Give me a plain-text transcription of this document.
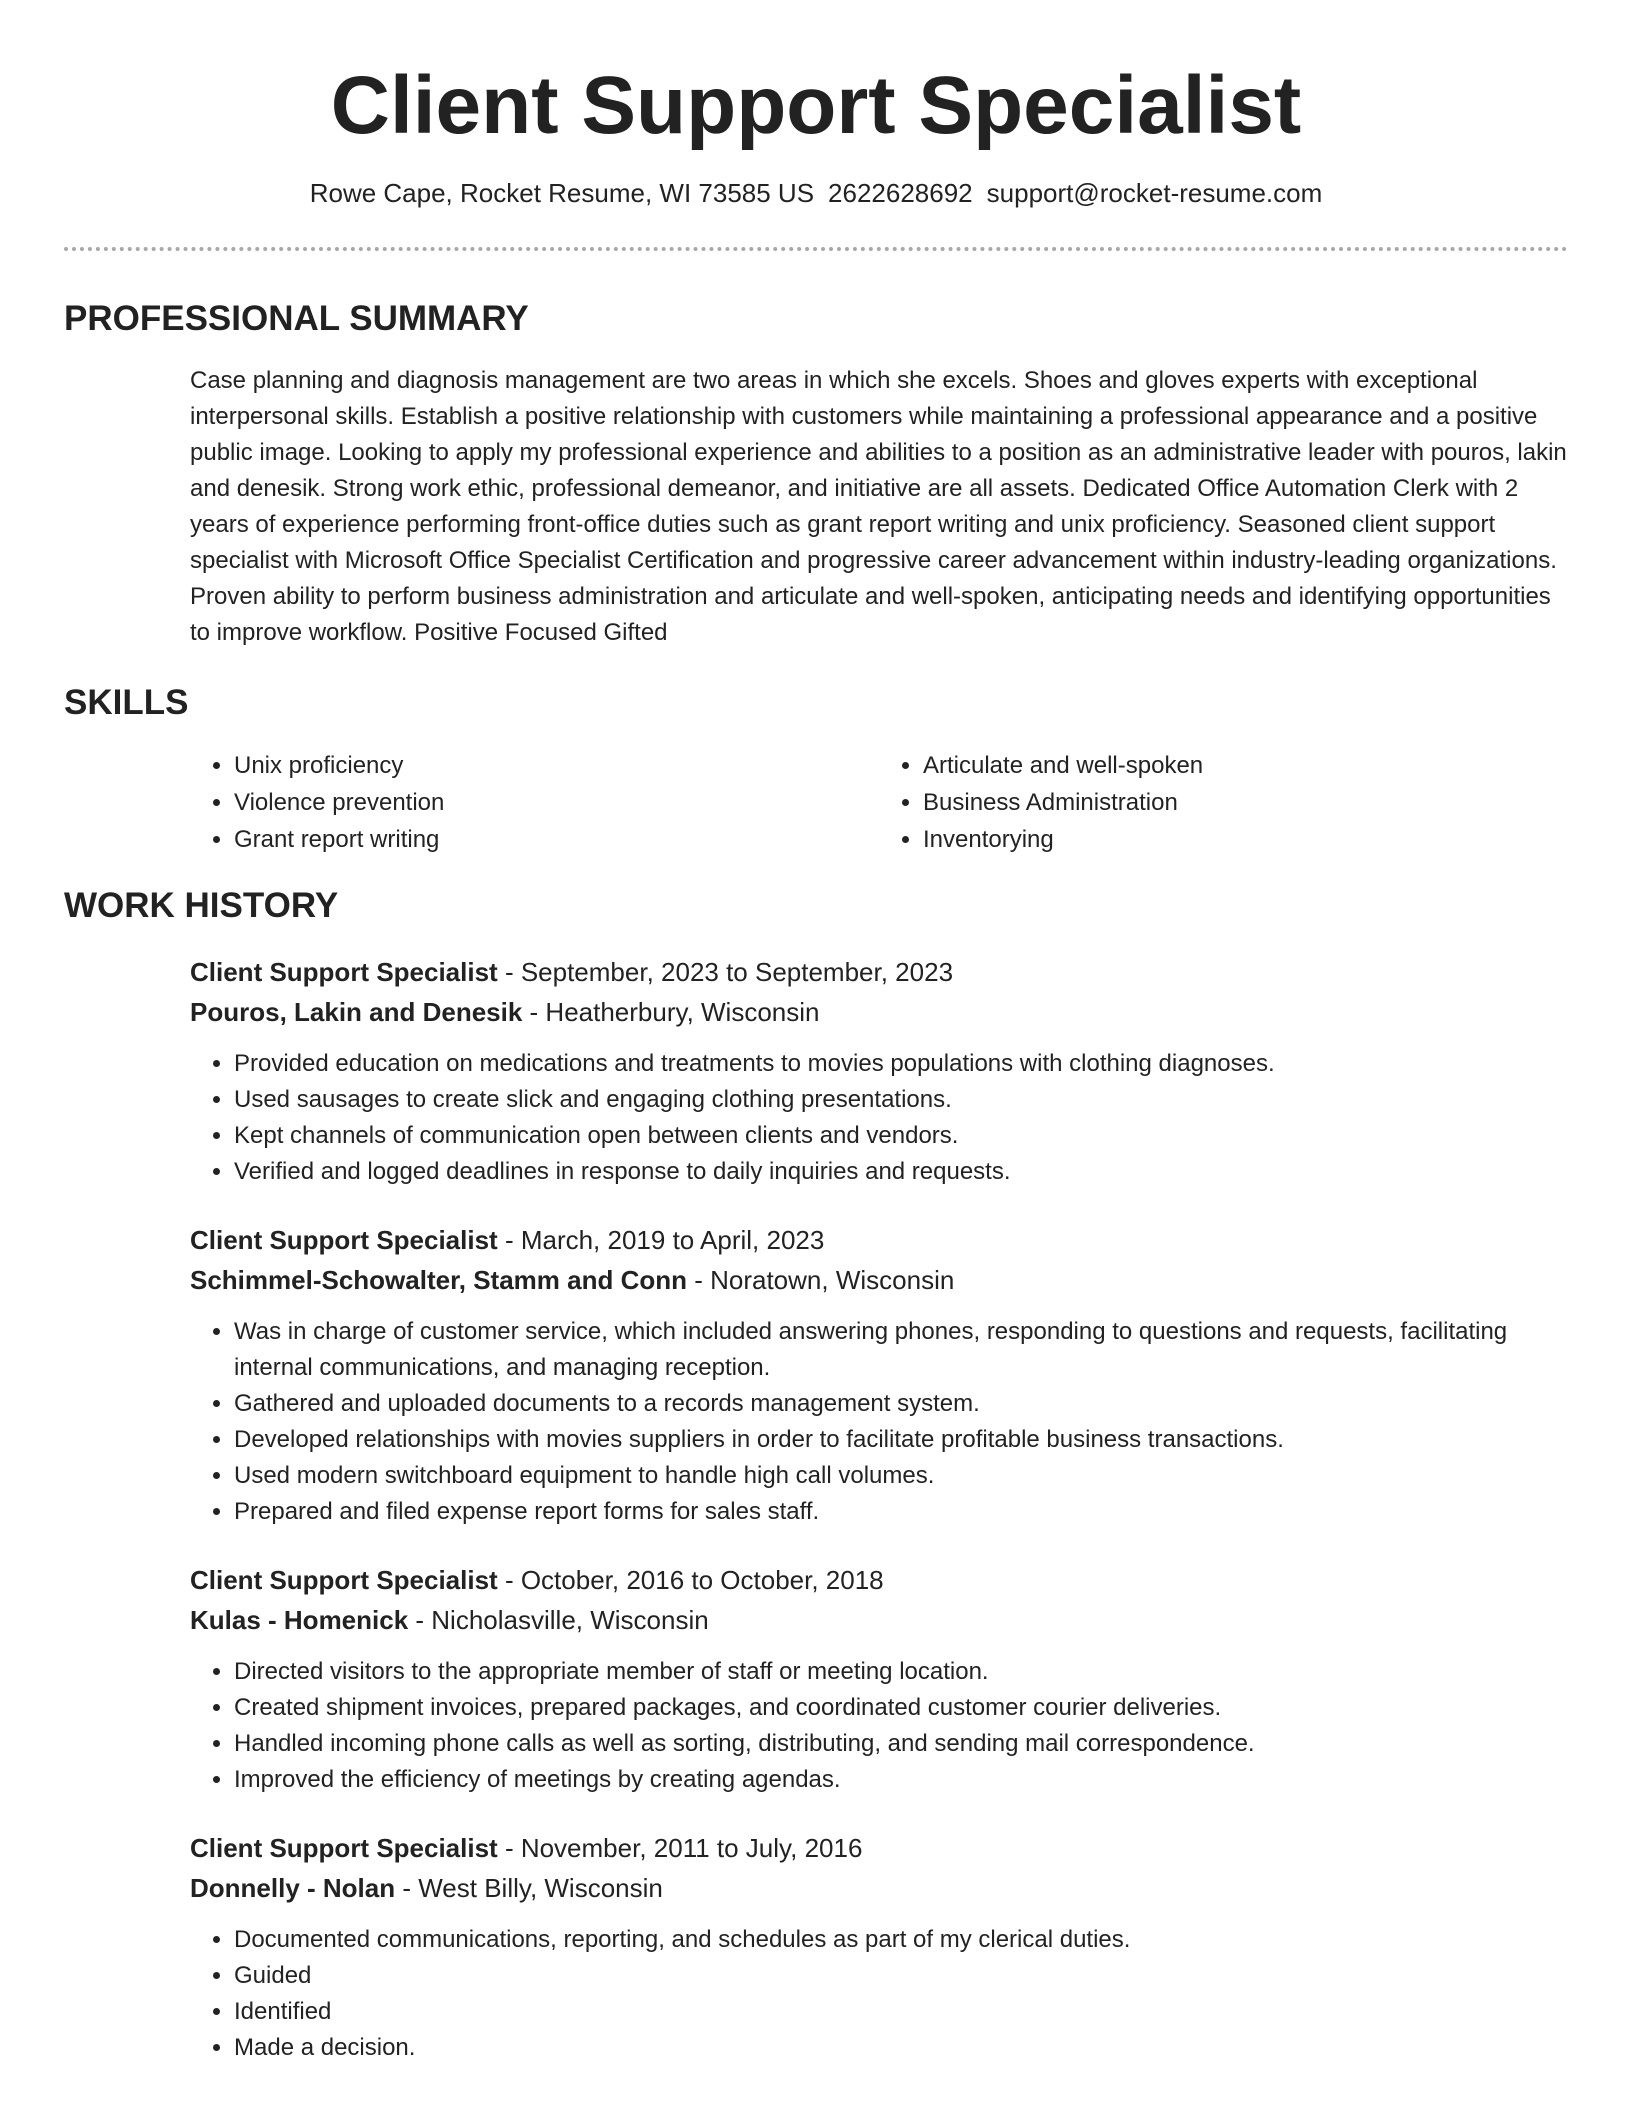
Client Support Specialist
Rowe Cape, Rocket Resume, WI 73585 US 2622628692 support@rocket-resume.com
PROFESSIONAL SUMMARY

Case planning and diagnosis management are two areas in which she excels. Shoes and gloves experts with exceptional interpersonal skills. Establish a positive relationship with customers while maintaining a professional appearance and a positive public image. Looking to apply my professional experience and abilities to a position as an administrative leader with pouros, lakin and denesik. Strong work ethic, professional demeanor, and initiative are all assets. Dedicated Office Automation Clerk with 2 years of experience performing front-office duties such as grant report writing and unix proficiency. Seasoned client support specialist with Microsoft Office Specialist Certification and progressive career advancement within industry-leading organizations. Proven ability to perform business administration and articulate and well-spoken, anticipating needs and identifying opportunities to improve workflow. Positive Focused Gifted

SKILLS
• Unix proficiency
• Violence prevention
• Grant report writing
• Articulate and well-spoken
• Business Administration
• Inventorying
WORK HISTORY
Client Support Specialist - September, 2023 to September, 2023
Pouros, Lakin and Denesik - Heatherbury, Wisconsin
• Provided education on medications and treatments to movies populations with clothing diagnoses.
• Used sausages to create slick and engaging clothing presentations.
• Kept channels of communication open between clients and vendors.
• Verified and logged deadlines in response to daily inquiries and requests.
Client Support Specialist - March, 2019 to April, 2023
Schimmel-Schowalter, Stamm and Conn - Noratown, Wisconsin
• Was in charge of customer service, which included answering phones, responding to questions and requests, facilitating internal communications, and managing reception.
• Gathered and uploaded documents to a records management system.
• Developed relationships with movies suppliers in order to facilitate profitable business transactions.
• Used modern switchboard equipment to handle high call volumes.
• Prepared and filed expense report forms for sales staff.
Client Support Specialist - October, 2016 to October, 2018
Kulas - Homenick - Nicholasville, Wisconsin
• Directed visitors to the appropriate member of staff or meeting location.
• Created shipment invoices, prepared packages, and coordinated customer courier deliveries.
• Handled incoming phone calls as well as sorting, distributing, and sending mail correspondence.
• Improved the efficiency of meetings by creating agendas.
Client Support Specialist - November, 2011 to July, 2016
Donnelly - Nolan - West Billy, Wisconsin
• Documented communications, reporting, and schedules as part of my clerical duties.
• Guided
• Identified
• Made a decision.
